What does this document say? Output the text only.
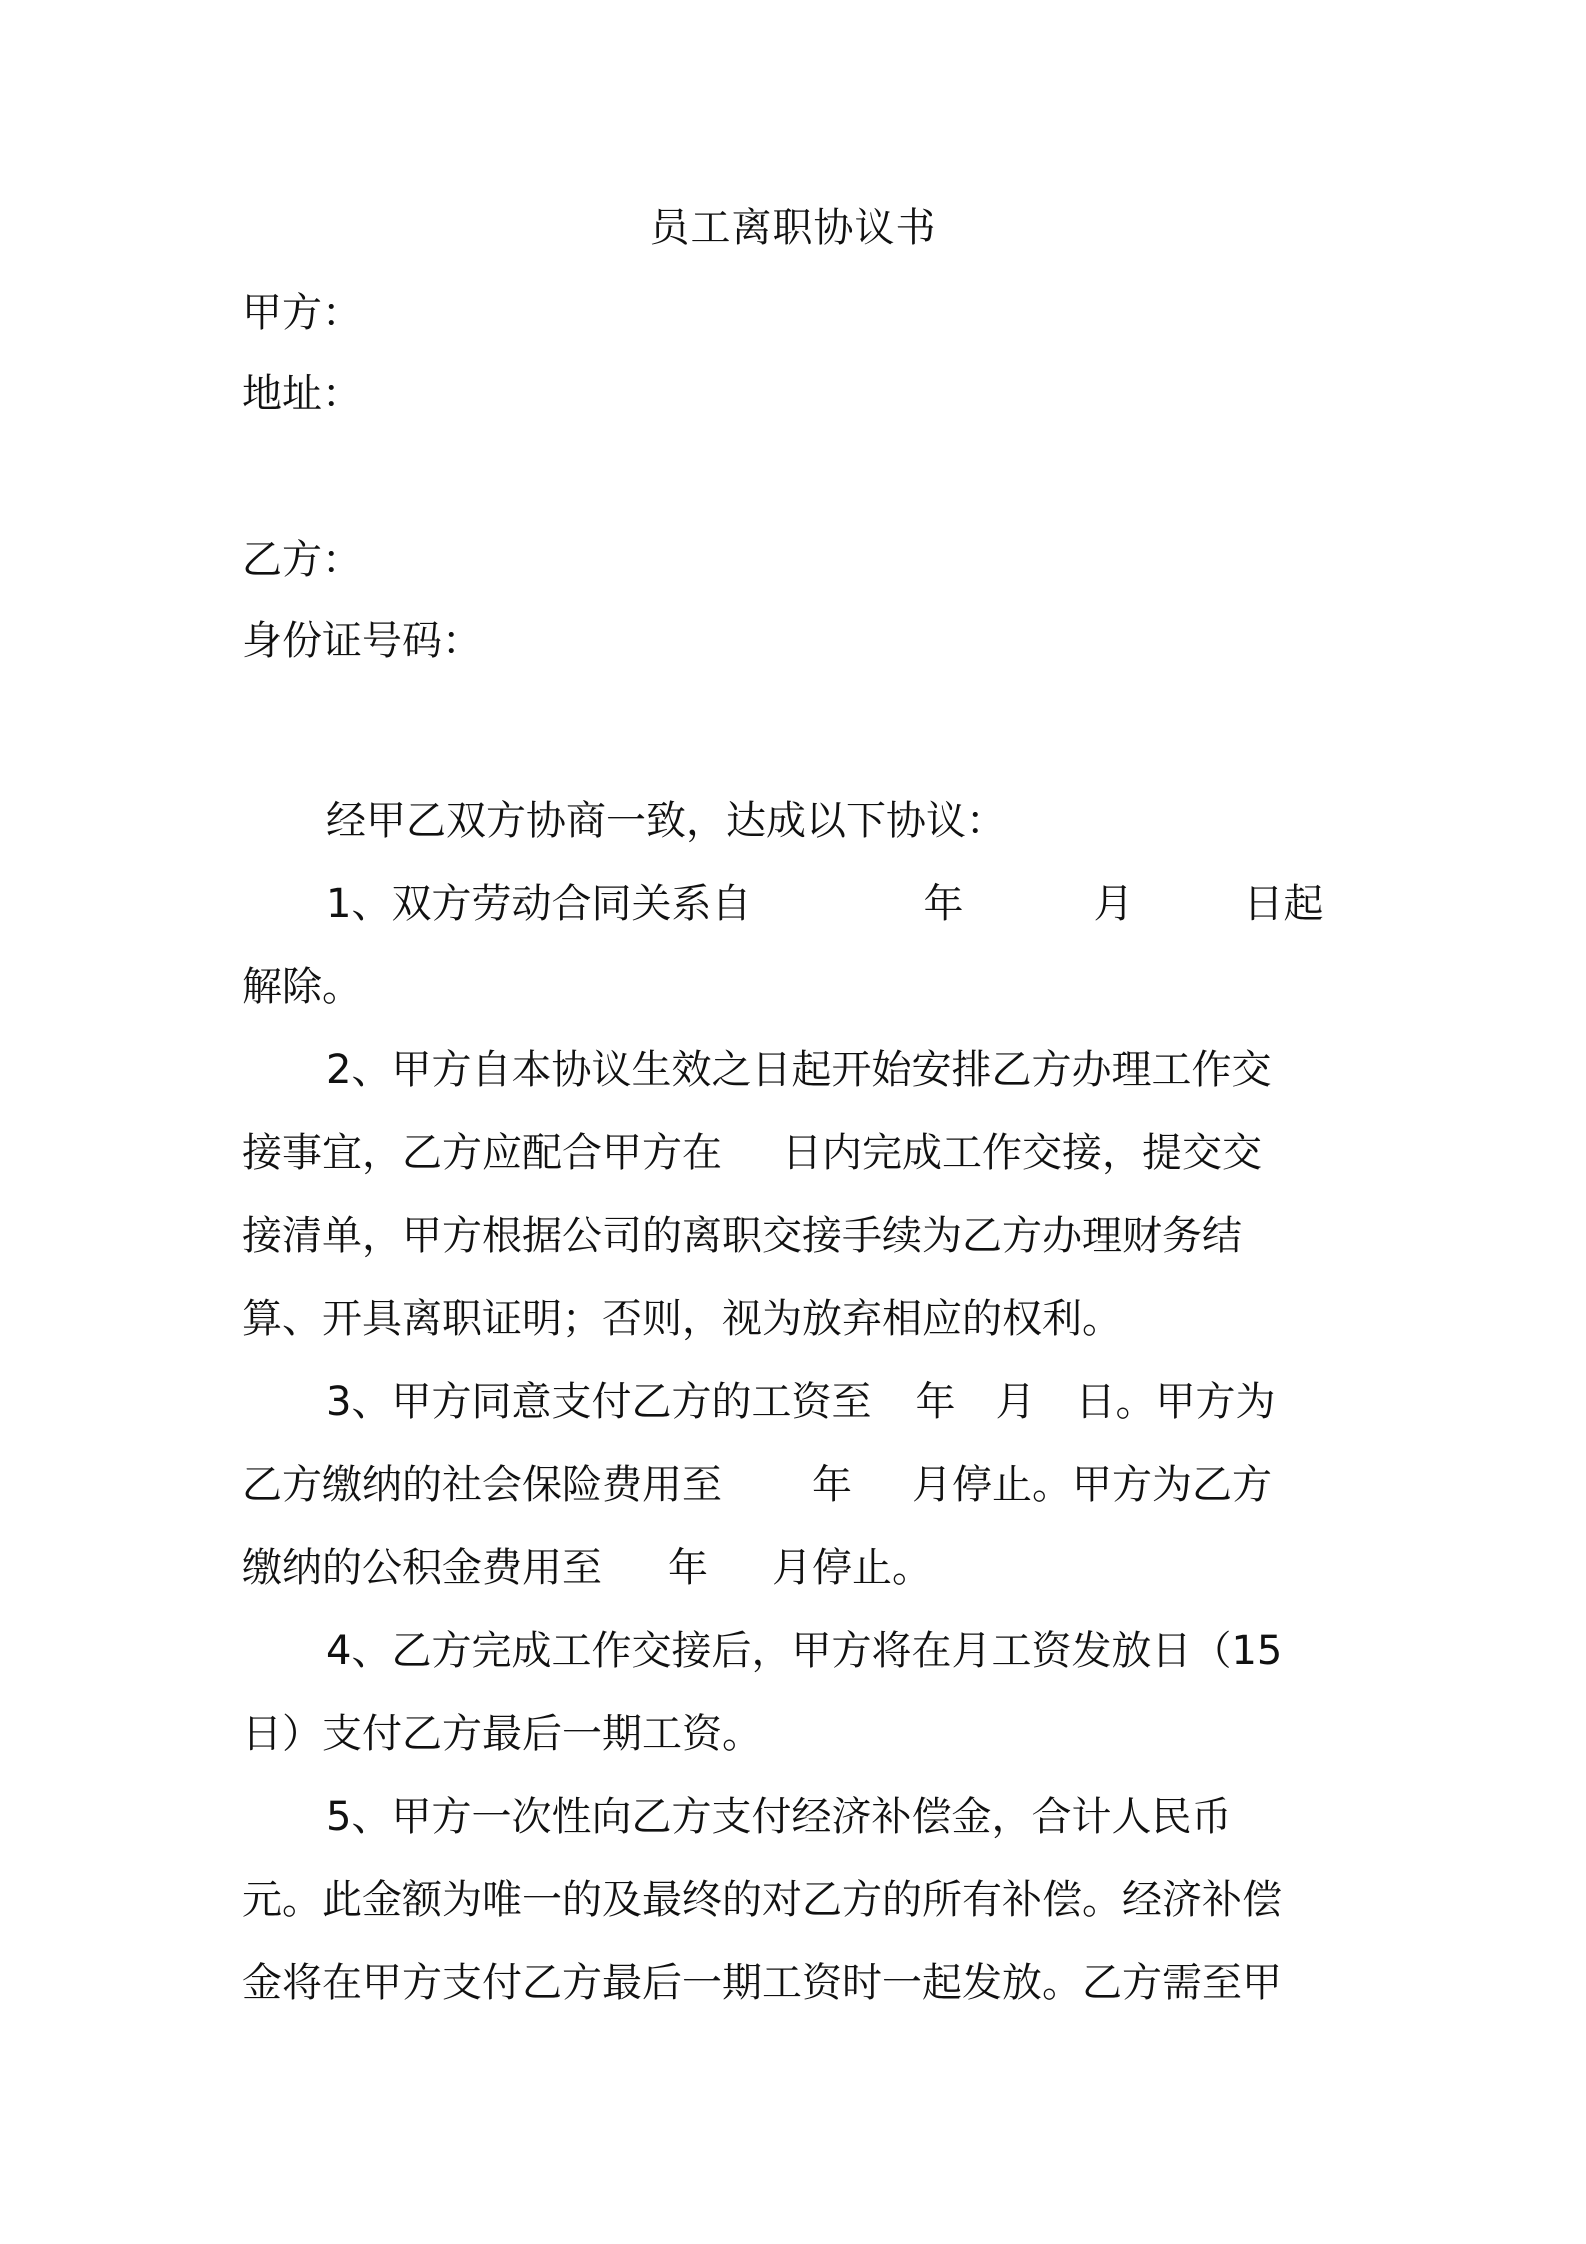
员工离职协议书
甲方：
地址：
乙方：
身份证号码：
经甲乙双方协商一致，达成以下协议：
1、双方劳动合同关系自	年	月	日起
解除。
2、甲方自本协议生效之日起开始安排乙方办理工作交
接事宜，乙方应配合甲方在 日内完成工作交接，提交交
接清单，甲方根据公司的离职交接手续为乙方办理财务结
算、开具离职证明；否则，视为放弃相应的权利。
3、甲方同意支付乙方的工资至 年 月 日。甲方为
乙方缴纳的社会保险费用至 年 月停止。甲方为乙方
缴纳的公积金费用至 年 月停止。
4、乙方完成工作交接后，甲方将在月工资发放日（15
日）支付乙方最后一期工资。
5、甲方一次性向乙方支付经济补偿金，合计人民币
元。此金额为唯一的及最终的对乙方的所有补偿。经济补偿
金将在甲方支付乙方最后一期工资时一起发放。乙方需至甲
